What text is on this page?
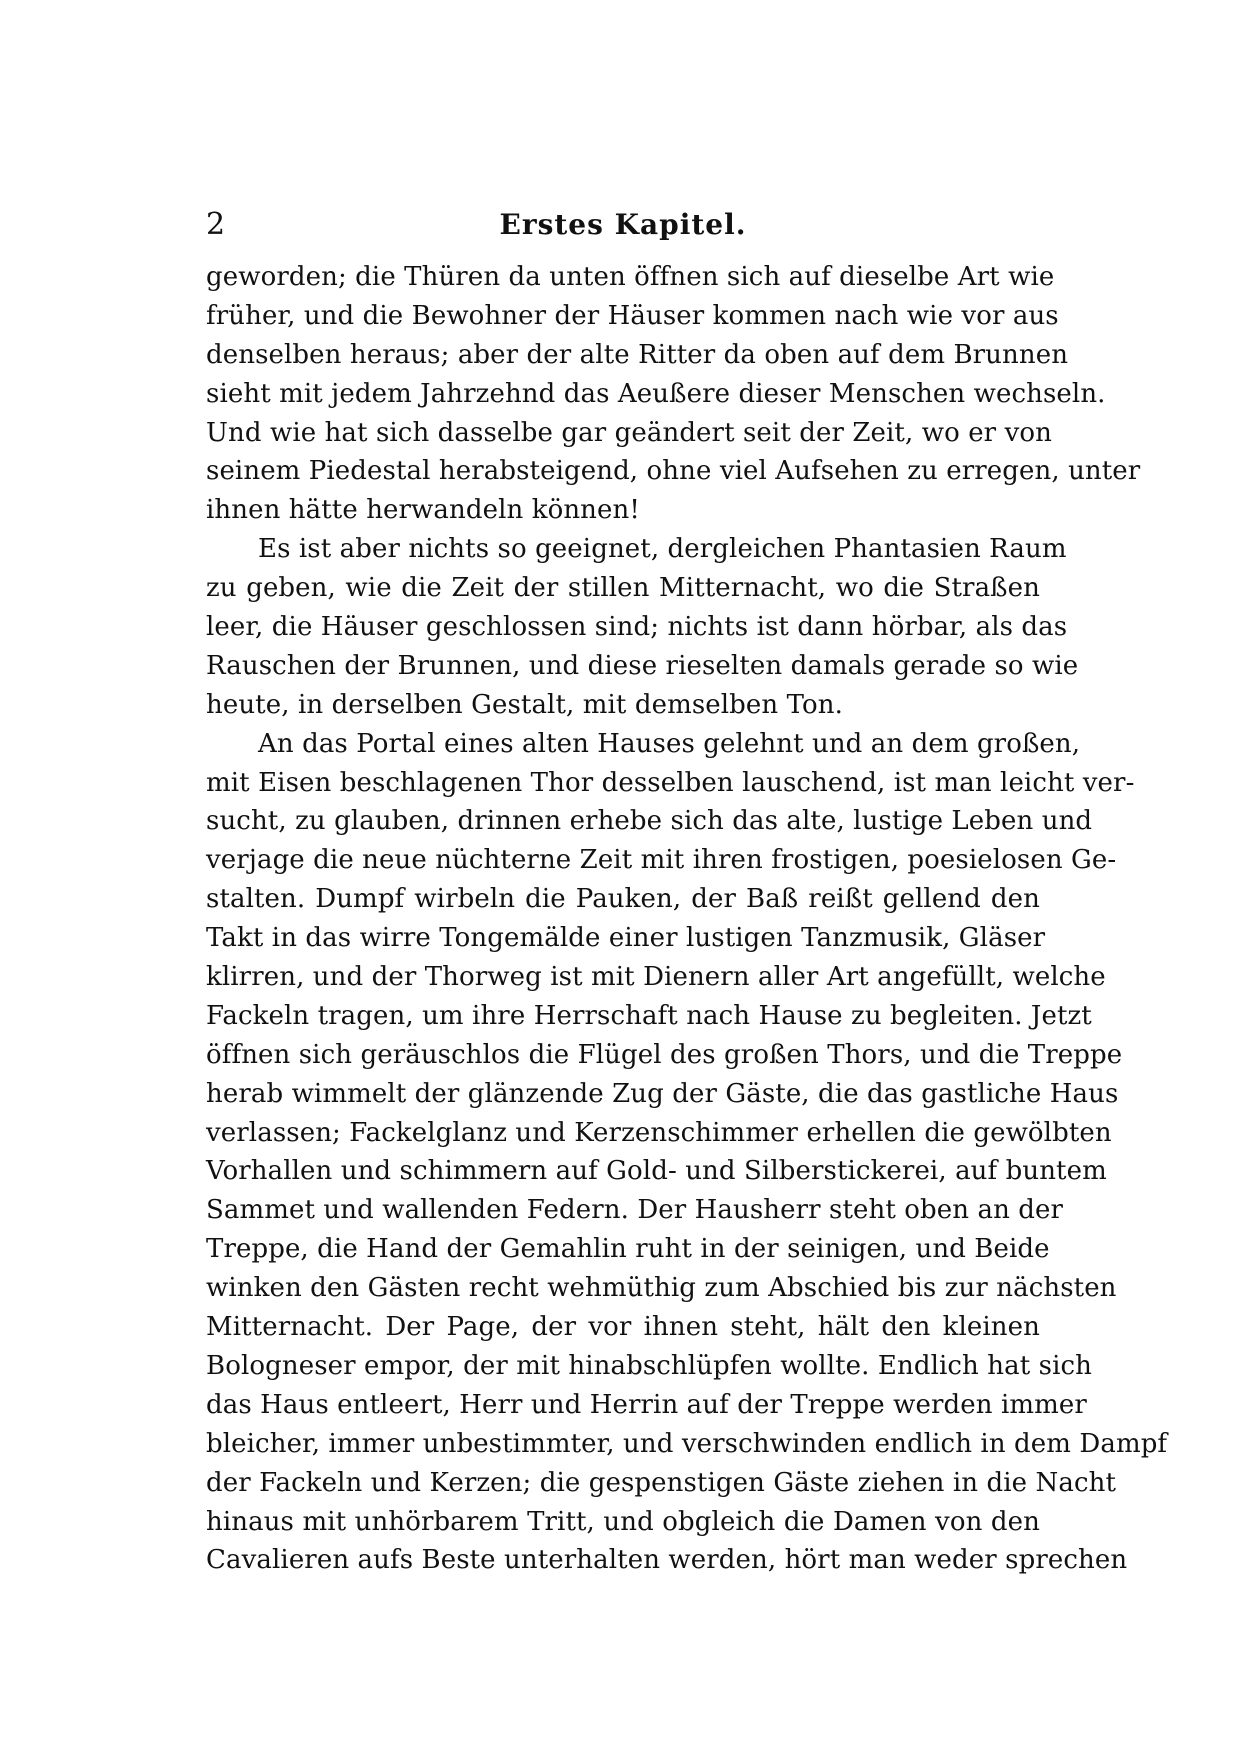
2	Erstes Kapitel.
geworden; die Thüren da unten öffnen sich auf dieselbe Art wie
früher, und die Bewohner der Häuser kommen nach wie vor aus
denselben heraus; aber der alte Ritter da oben auf dem Brunnen
sieht mit jedem Jahrzehnd das Aeußere dieser Menschen wechseln.
Und wie hat sich dasselbe gar geändert seit der Zeit, wo er von
seinem Piedestal herabsteigend, ohne viel Aufsehen zu erregen, unter
ihnen hätte herwandeln können!
Es ist aber nichts so geeignet, dergleichen Phantasien Raum
zu geben, wie die Zeit der stillen Mitternacht, wo die Straßen
leer, die Häuser geschlossen sind; nichts ist dann hörbar, als das
Rauschen der Brunnen, und diese rieselten damals gerade so wie
heute, in derselben Gestalt, mit demselben Ton.
An das Portal eines alten Hauses gelehnt und an dem großen,
mit Eisen beschlagenen Thor desselben lauschend, ist man leicht ver-
sucht, zu glauben, drinnen erhebe sich das alte, lustige Leben und
verjage die neue nüchterne Zeit mit ihren frostigen, poesielosen Ge-
stalten. Dumpf wirbeln die Pauken, der Baß reißt gellend den
Takt in das wirre Tongemälde einer lustigen Tanzmusik, Gläser
klirren, und der Thorweg ist mit Dienern aller Art angefüllt, welche
Fackeln tragen, um ihre Herrschaft nach Hause zu begleiten. Jetzt
öffnen sich geräuschlos die Flügel des großen Thors, und die Treppe
herab wimmelt der glänzende Zug der Gäste, die das gastliche Haus
verlassen; Fackelglanz und Kerzenschimmer erhellen die gewölbten
Vorhallen und schimmern auf Gold- und Silberstickerei, auf buntem
Sammet und wallenden Federn. Der Hausherr steht oben an der
Treppe, die Hand der Gemahlin ruht in der seinigen, und Beide
winken den Gästen recht wehmüthig zum Abschied bis zur nächsten
Mitternacht. Der Page, der vor ihnen steht, hält den kleinen
Bologneser empor, der mit hinabschlüpfen wollte. Endlich hat sich
das Haus entleert, Herr und Herrin auf der Treppe werden immer
bleicher, immer unbestimmter, und verschwinden endlich in dem Dampf
der Fackeln und Kerzen; die gespenstigen Gäste ziehen in die Nacht
hinaus mit unhörbarem Tritt, und obgleich die Damen von den
Cavalieren aufs Beste unterhalten werden, hört man weder sprechen
